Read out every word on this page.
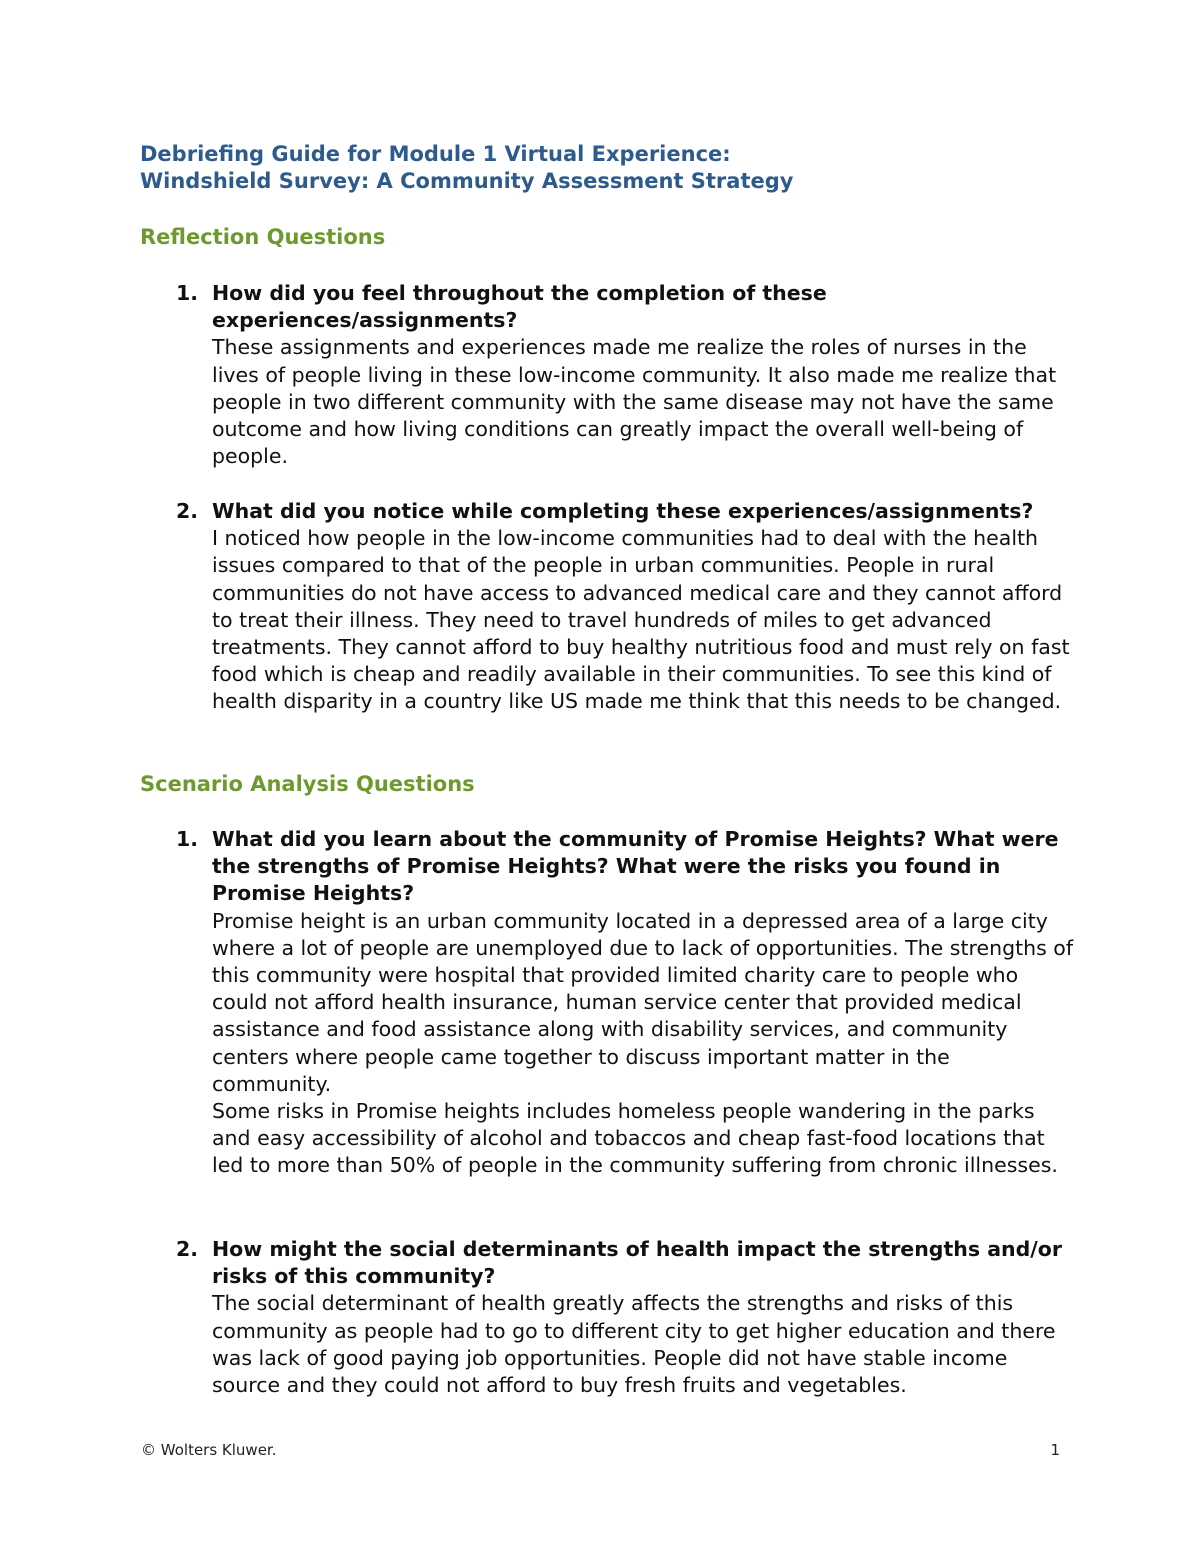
Debriefing Guide for Module 1 Virtual Experience:
Windshield Survey: A Community Assessment Strategy
Reflection Questions
1. How did you feel throughout the completion of these experiences/assignments?

These assignments and experiences made me realize the roles of nurses in the lives of people living in these low-income community. It also made me realize that people in two different community with the same disease may not have the same outcome and how living conditions can greatly impact the overall well-being of people.

2. What did you notice while completing these experiences/assignments?

I noticed how people in the low-income communities had to deal with the health issues compared to that of the people in urban communities. People in rural communities do not have access to advanced medical care and they cannot afford to treat their illness. They need to travel hundreds of miles to get advanced treatments. They cannot afford to buy healthy nutritious food and must rely on fast food which is cheap and readily available in their communities. To see this kind of health disparity in a country like US made me think that this needs to be changed.

Scenario Analysis Questions
1. What did you learn about the community of Promise Heights? What were the strengths of Promise Heights? What were the risks you found in Promise Heights?

Promise height is an urban community located in a depressed area of a large city where a lot of people are unemployed due to lack of opportunities. The strengths of this community were hospital that provided limited charity care to people who could not afford health insurance, human service center that provided medical assistance and food assistance along with disability services, and community centers where people came together to discuss important matter in the community.

Some risks in Promise heights includes homeless people wandering in the parks and easy accessibility of alcohol and tobaccos and cheap fast-food locations that led to more than 50% of people in the community suffering from chronic illnesses.

2. How might the social determinants of health impact the strengths and/or risks of this community?

The social determinant of health greatly affects the strengths and risks of this community as people had to go to different city to get higher education and there was lack of good paying job opportunities. People did not have stable income source and they could not afford to buy fresh fruits and vegetables.

© Wolters Kluwer.	1
